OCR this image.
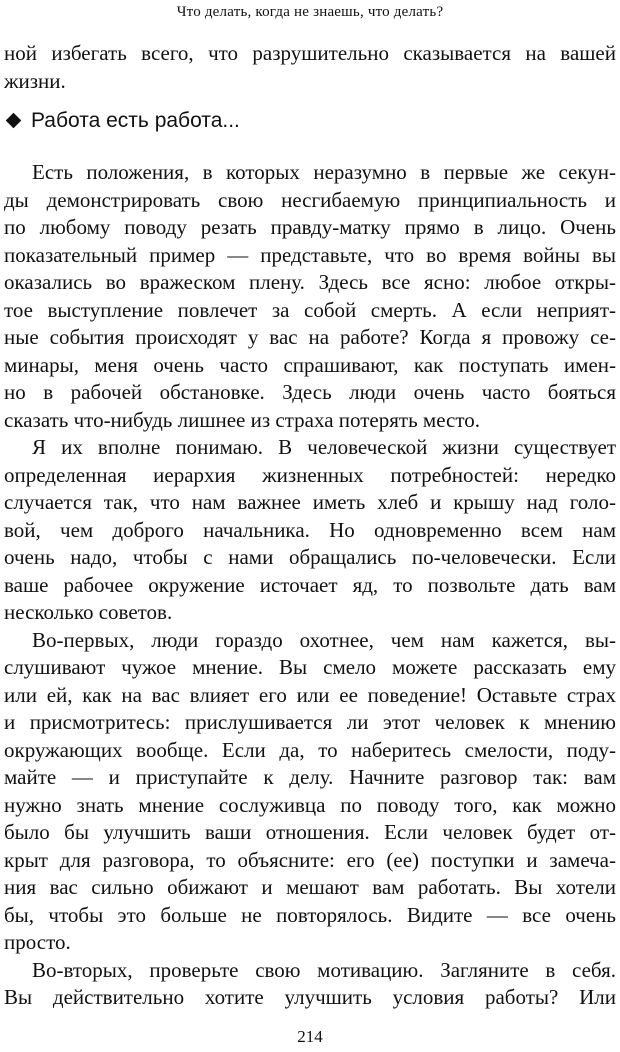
Что делать, когда не знаешь, что делать?
ной избегать всего, что разрушительно сказывается на вашей
жизни.
Работа есть работа...
Есть положения, в которых неразумно в первые же секун-
ды демонстрировать свою несгибаемую принципиальность и
по любому поводу резать правду-матку прямо в лицо. Очень
показательный пример — представьте, что во время войны вы
оказались во вражеском плену. Здесь все ясно: любое откры-
тое выступление повлечет за собой смерть. А если неприят-
ные события происходят у вас на работе? Когда я провожу се-
минары, меня очень часто спрашивают, как поступать имен-
но в рабочей обстановке. Здесь люди очень часто бояться
сказать что-нибудь лишнее из страха потерять место.
Я их вполне понимаю. В человеческой жизни существует
определенная иерархия жизненных потребностей: нередко
случается так, что нам важнее иметь хлеб и крышу над голо-
вой, чем доброго начальника. Но одновременно всем нам
очень надо, чтобы с нами обращались по-человечески. Если
ваше рабочее окружение источает яд, то позвольте дать вам
несколько советов.
Во-первых, люди гораздо охотнее, чем нам кажется, вы-
слушивают чужое мнение. Вы смело можете рассказать ему
или ей, как на вас влияет его или ее поведение! Оставьте страх
и присмотритесь: прислушивается ли этот человек к мнению
окружающих вообще. Если да, то наберитесь смелости, поду-
майте — и приступайте к делу. Начните разговор так: вам
нужно знать мнение сослуживца по поводу того, как можно
было бы улучшить ваши отношения. Если человек будет от-
крыт для разговора, то объясните: его (ее) поступки и замеча-
ния вас сильно обижают и мешают вам работать. Вы хотели
бы, чтобы это больше не повторялось. Видите — все очень
просто.
Во-вторых, проверьте свою мотивацию. Загляните в себя.
Вы действительно хотите улучшить условия работы? Или
214
